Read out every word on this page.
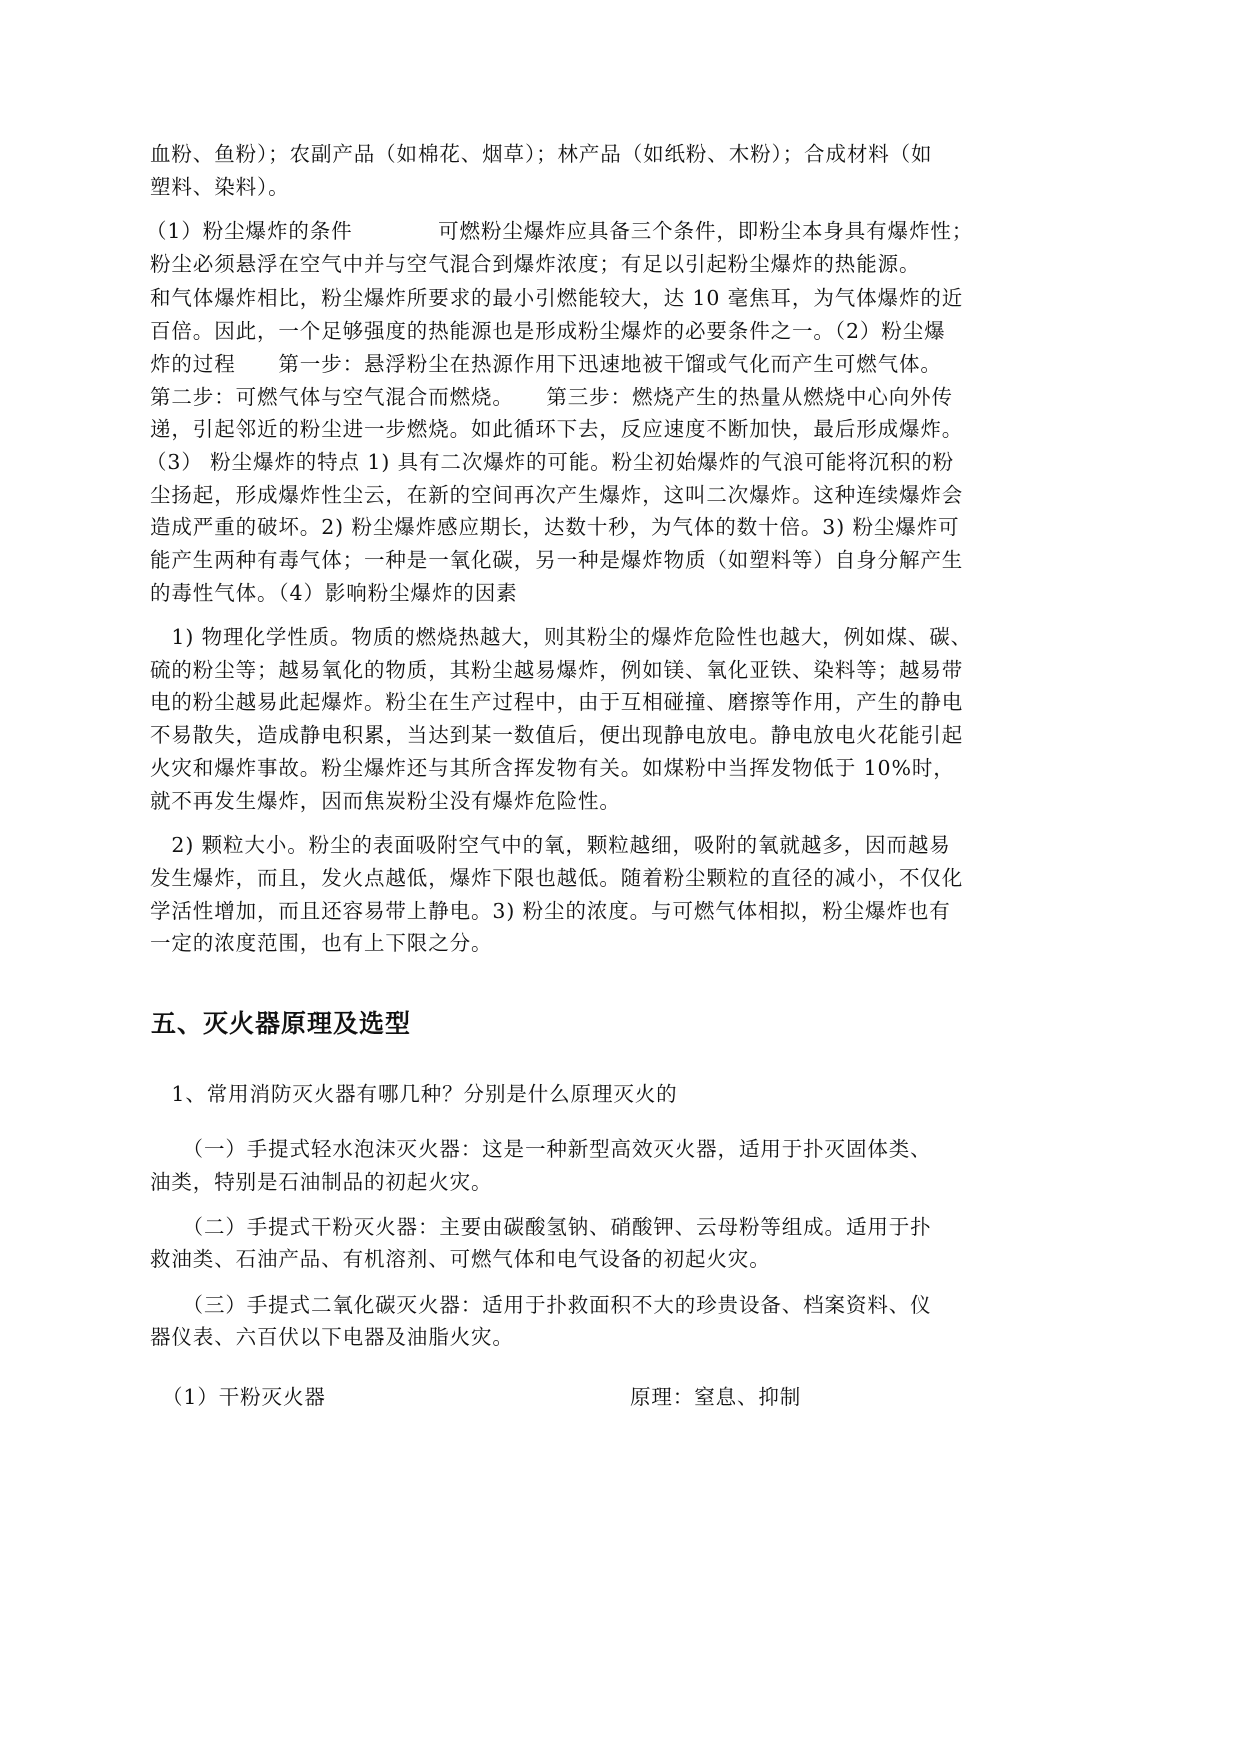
血粉、鱼粉）；农副产品（如棉花、烟草）；林产品（如纸粉、木粉）；合成材料（如
塑料、染料）。
（1）粉尘爆炸的条件　　　　可燃粉尘爆炸应具备三个条件，即粉尘本身具有爆炸性；
粉尘必须悬浮在空气中并与空气混合到爆炸浓度；有足以引起粉尘爆炸的热能源。
和气体爆炸相比，粉尘爆炸所要求的最小引燃能较大，达 10 毫焦耳，为气体爆炸的近
百倍。因此，一个足够强度的热能源也是形成粉尘爆炸的必要条件之一。（2）粉尘爆
炸的过程　　第一步：悬浮粉尘在热源作用下迅速地被干馏或气化而产生可燃气体。
第二步：可燃气体与空气混合而燃烧。　　第三步：燃烧产生的热量从燃烧中心向外传
递，引起邻近的粉尘进一步燃烧。如此循环下去，反应速度不断加快，最后形成爆炸。
（3） 粉尘爆炸的特点 1) 具有二次爆炸的可能。粉尘初始爆炸的气浪可能将沉积的粉
尘扬起，形成爆炸性尘云，在新的空间再次产生爆炸，这叫二次爆炸。这种连续爆炸会
造成严重的破坏。2) 粉尘爆炸感应期长，达数十秒，为气体的数十倍。3) 粉尘爆炸可
能产生两种有毒气体；一种是一氧化碳，另一种是爆炸物质（如塑料等）自身分解产生
的毒性气体。（4）影响粉尘爆炸的因素
　1) 物理化学性质。物质的燃烧热越大，则其粉尘的爆炸危险性也越大，例如煤、碳、
硫的粉尘等；越易氧化的物质，其粉尘越易爆炸，例如镁、氧化亚铁、染料等；越易带
电的粉尘越易此起爆炸。粉尘在生产过程中，由于互相碰撞、磨擦等作用，产生的静电
不易散失，造成静电积累，当达到某一数值后，便出现静电放电。静电放电火花能引起
火灾和爆炸事故。粉尘爆炸还与其所含挥发物有关。如煤粉中当挥发物低于 10%时，
就不再发生爆炸，因而焦炭粉尘没有爆炸危险性。
　2) 颗粒大小。粉尘的表面吸附空气中的氧，颗粒越细，吸附的氧就越多，因而越易
发生爆炸，而且，发火点越低，爆炸下限也越低。随着粉尘颗粒的直径的减小，不仅化
学活性增加，而且还容易带上静电。3) 粉尘的浓度。与可燃气体相拟，粉尘爆炸也有
一定的浓度范围，也有上下限之分。
五、灭火器原理及选型
　1、常用消防灭火器有哪几种？分别是什么原理灭火的
　　（一）手提式轻水泡沫灭火器：这是一种新型高效灭火器，适用于扑灭固体类、
油类，特别是石油制品的初起火灾。
　　（二）手提式干粉灭火器：主要由碳酸氢钠、硝酸钾、云母粉等组成。适用于扑
救油类、石油产品、有机溶剂、可燃气体和电气设备的初起火灾。
　　（三）手提式二氧化碳灭火器：适用于扑救面积不大的珍贵设备、档案资料、仪
器仪表、六百伏以下电器及油脂火灾。
（1）干粉灭火器	原理：窒息、抑制
